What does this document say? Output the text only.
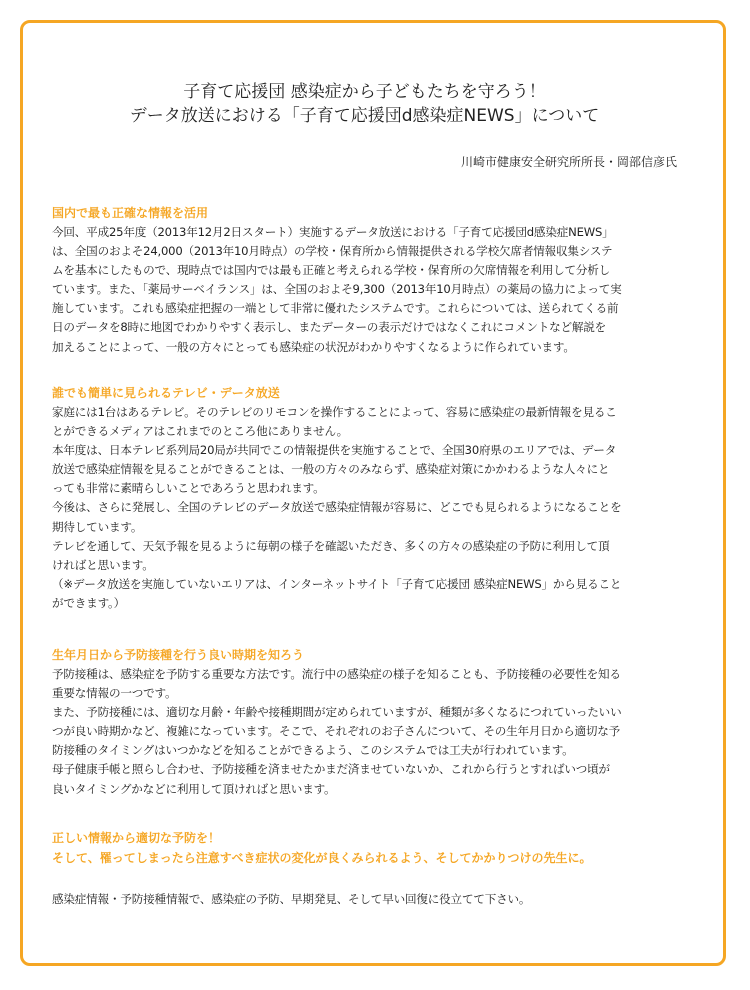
子育て応援団 感染症から子どもたちを守ろう！
データ放送における「子育て応援団d感染症NEWS」について
川崎市健康安全研究所所長・岡部信彦氏
国内で最も正確な情報を活用
今回、平成25年度（2013年12月2日スタート）実施するデータ放送における「子育て応援団d感染症NEWS」
は、全国のおよそ24,000（2013年10月時点）の学校・保育所から情報提供される学校欠席者情報収集システ
ムを基本にしたもので、現時点では国内では最も正確と考えられる学校・保育所の欠席情報を利用して分析し
ています。また、「薬局サーベイランス」は、全国のおよそ9,300（2013年10月時点）の薬局の協力によって実
施しています。これも感染症把握の一端として非常に優れたシステムです。これらについては、送られてくる前
日のデータを8時に地図でわかりやすく表示し、またデーターの表示だけではなくこれにコメントなど解説を
加えることによって、一般の方々にとっても感染症の状況がわかりやすくなるように作られています。
誰でも簡単に見られるテレビ・データ放送
家庭には1台はあるテレビ。そのテレビのリモコンを操作することによって、容易に感染症の最新情報を見るこ
とができるメディアはこれまでのところ他にありません。
本年度は、日本テレビ系列局20局が共同でこの情報提供を実施することで、全国30府県のエリアでは、データ
放送で感染症情報を見ることができることは、一般の方々のみならず、感染症対策にかかわるような人々にと
っても非常に素晴らしいことであろうと思われます。
今後は、さらに発展し、全国のテレビのデータ放送で感染症情報が容易に、どこでも見られるようになることを
期待しています。
テレビを通して、天気予報を見るように毎朝の様子を確認いただき、多くの方々の感染症の予防に利用して頂
ければと思います。
（※データ放送を実施していないエリアは、インターネットサイト「子育て応援団 感染症NEWS」から見ること
ができます。）
生年月日から予防接種を行う良い時期を知ろう
予防接種は、感染症を予防する重要な方法です。流行中の感染症の様子を知ることも、予防接種の必要性を知る
重要な情報の一つです。
また、予防接種には、適切な月齢・年齢や接種期間が定められていますが、種類が多くなるにつれていったいい
つが良い時期かなど、複雑になっています。そこで、それぞれのお子さんについて、その生年月日から適切な予
防接種のタイミングはいつかなどを知ることができるよう、このシステムでは工夫が行われています。
母子健康手帳と照らし合わせ、予防接種を済ませたかまだ済ませていないか、これから行うとすればいつ頃が
良いタイミングかなどに利用して頂ければと思います。
正しい情報から適切な予防を！
そして、罹ってしまったら注意すべき症状の変化が良くみられるよう、そしてかかりつけの先生に。
感染症情報・予防接種情報で、感染症の予防、早期発見、そして早い回復に役立てて下さい。
